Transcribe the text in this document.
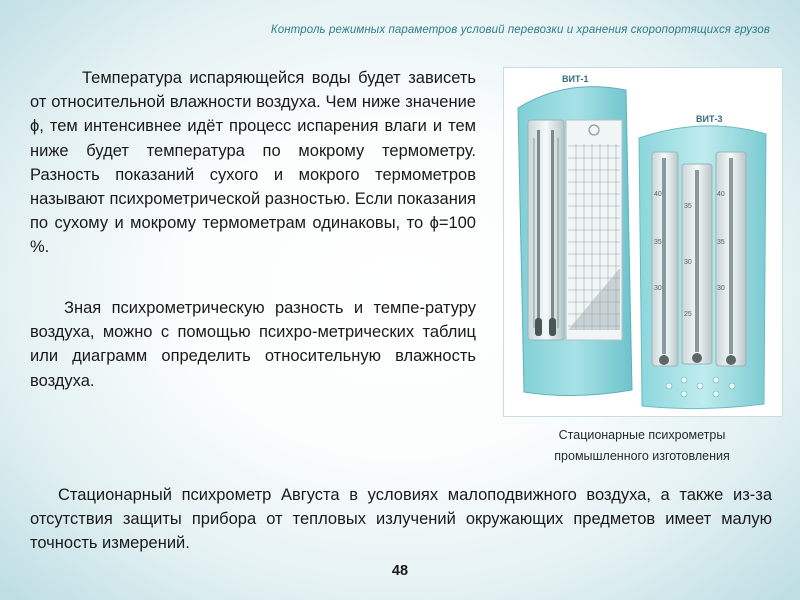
Контроль режимных параметров условий перевозки и хранения скоропортящихся грузов
Температура испаряющейся воды будет зависеть от относительной влажности воздуха. Чем ниже значение ϕ, тем интенсивнее идёт процесс испарения влаги и тем ниже будет температура по мокрому термометру. Разность показаний сухого и мокрого термометров называют психрометрической разностью. Если показания по сухому и мокрому термометрам одинаковы, то ϕ=100 %.
Зная психрометрическую разность и темпе-ратуру воздуха, можно с помощью психро-метрических таблиц или диаграмм определить относительную влажность воздуха.
40
35
30
40
35
30
35
30
25
ВИТ-1
ВИТ-3
Стационарные психрометры
промышленного изготовления
Стационарный психрометр Августа в условиях малоподвижного воздуха, а также из-за отсутствия защиты прибора от тепловых излучений окружающих предметов имеет малую точность измерений.
48
